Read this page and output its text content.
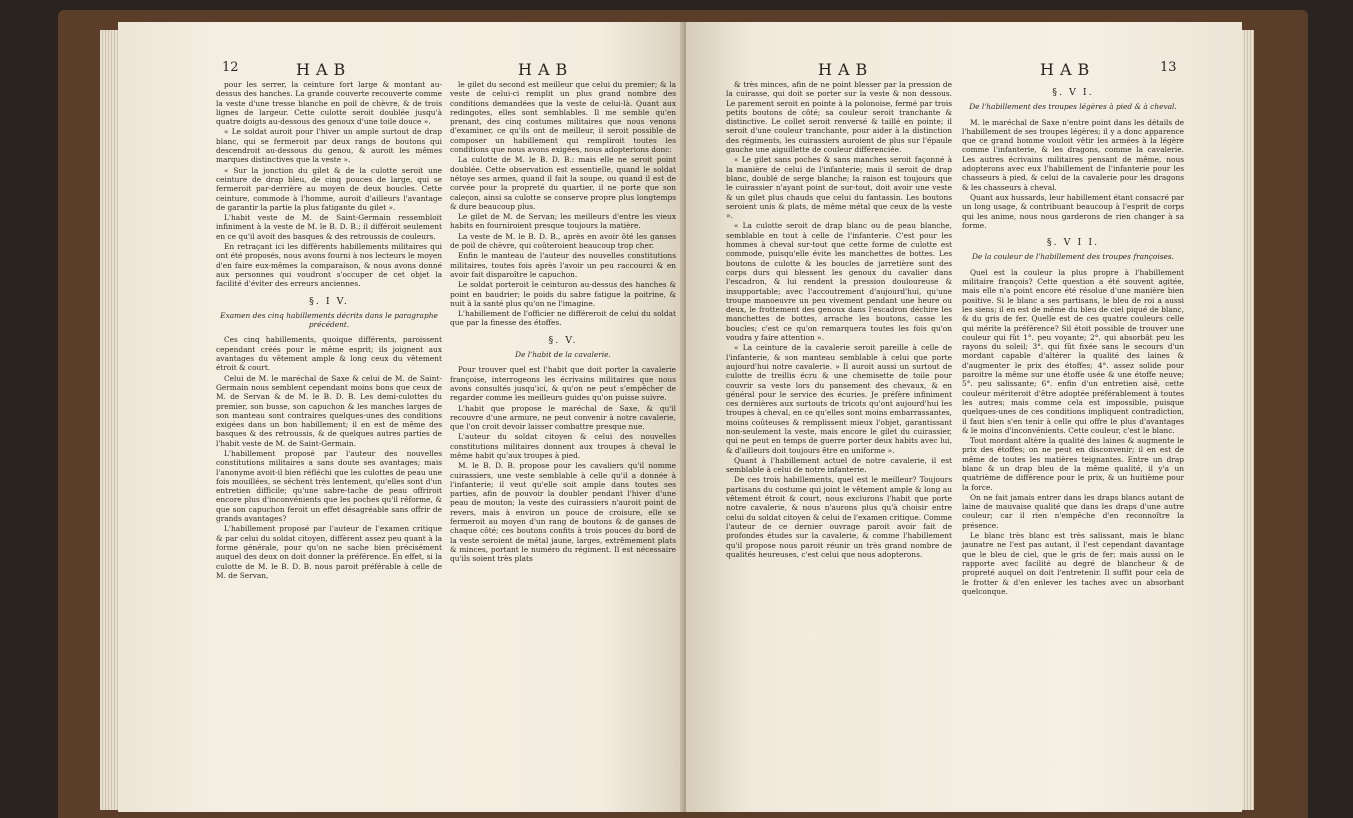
12	HAB	HAB

pour les serrer, la ceinture fort large & montant au-dessus des hanches. La grande couverte recouverte comme la veste d'une tresse blanche en poil de chèvre, & de trois lignes de largeur. Cette culotte seroit doublée jusqu'à quatre doigts au-dessous des genoux d'une toile douce ».

« Le soldat auroit pour l'hiver un ample surtout de drap blanc, qui se fermeroit par deux rangs de boutons qui descendroit au-dessous du genou, & auroit les mêmes marques distinctives que la veste ».

« Sur la jonction du gilet & de la culotte seroit une ceinture de drap bleu, de cinq pouces de large, qui se fermeroit par-derrière au moyen de deux boucles. Cette ceinture, commode à l'homme, auroit d'ailleurs l'avantage de garantir la partie la plus fatigante du gilet ».

L'habit veste de M. de Saint-Germain ressembloit infiniment à la veste de M. le B. D. B.; il différoit seulement en ce qu'il avoit des basques & des retroussis de couleurs.

En retraçant ici les différents habillements militaires qui ont été proposés, nous avons fourni à nos lecteurs le moyen d'en faire eux-mêmes la comparaison, & nous avons donné aux personnes qui voudront s'occuper de cet objet la facilité d'éviter des erreurs anciennes.

§. I V.

Examen des cinq habillements décrits dans le paragraphe précédent.

Ces cinq habillements, quoique différents, paroissent cependant créés pour le même esprit; ils joignent aux avantages du vêtement ample & long ceux du vêtement étroit & court.

Celui de M. le maréchal de Saxe & celui de M. de Saint-Germain nous semblent cependant moins bons que ceux de M. de Servan & de M. le B. D. B. Les demi-culottes du premier, son busse, son capuchon & les manches larges de son manteau sont contraires quelques-unes des conditions exigées dans un bon habillement; il en est de même des basques & des retroussis, & de quelques autres parties de l'habit veste de M. de Saint-Germain.

L'habillement proposé par l'auteur des nouvelles constitutions militaires a sans doute ses avantages; mais l'anonyme avoit-il bien réfléchi que les culottes de peau une fois mouillées, se séchent très lentement, qu'elles sont d'un entretien difficile; qu'une sabre-tache de peau offriroit encore plus d'inconvénients que les poches qu'il réforme, & que son capuchon feroit un effet désagréable sans offrir de grands avantages?

L'habillement proposé par l'auteur de l'examen critique & par celui du soldat citoyen, diffèrent assez peu quant à la forme générale, pour qu'on ne sache bien précisément auquel des deux on doit donner la préférence. En effet, si la culotte de M. le B. D. B. nous paroit préférable à celle de M. de Servan,

le gilet du second est meilleur que celui du premier; & la veste de celui-ci remplit un plus grand nombre des conditions demandées que la veste de celui-là. Quant aux redingotes, elles sont semblables. Il me semble qu'en prenant, des cinq costumes militaires que nous venons d'examiner, ce qu'ils ont de meilleur, il seroit possible de composer un habillement qui rempliroit toutes les conditions que nous avons exigées, nous adopterions donc:

La culotte de M. le B. D. B.: mais elle ne seroit point doublée. Cette observation est essentielle, quand le soldat nétoye ses armes, quand il fait la soupe, ou quand il est de corvée pour la propreté du quartier, il ne porte que son caleçon, ainsi sa culotte se conserve propre plus longtemps & dure beaucoup plus.

Le gilet de M. de Servan; les meilleurs d'entre les vieux habits en fourniroient presque toujours la matière.

La veste de M. le B. D. B., après en avoir ôté les ganses de poil de chèvre, qui coûteroient beaucoup trop cher.

Enfin le manteau de l'auteur des nouvelles constitutions militaires, toutes fois après l'avoir un peu raccourci & en avoir fait disparoître le capuchon.

Le soldat porteroit le ceinturon au-dessus des hanches & point en baudrier; le poids du sabre fatigue la poitrine, & nuit à la santé plus qu'on ne l'imagine.

L'habillement de l'officier ne différeroit de celui du soldat que par la finesse des étoffes.

§. V.

De l'habit de la cavalerie.

Pour trouver quel est l'habit que doit porter la cavalerie françoise, interrogeons les écrivains militaires que nous avons consultés jusqu'ici, & qu'on ne peut s'empêcher de regarder comme les meilleurs guides qu'on puisse suivre.

L'habit que propose le maréchal de Saxe, & qu'il recouvre d'une armure, ne peut convenir à notre cavalerie, que l'on croit devoir laisser combattre presque nue.

L'auteur du soldat citoyen & celui des nouvelles constitutions militaires donnent aux troupes à cheval le même habit qu'aux troupes à pied.

M. le B. D. B. propose pour les cavaliers qu'il nomme cuirassiers, une veste semblable à celle qu'il a donnée à l'infanterie; il veut qu'elle soit ample dans toutes ses parties, afin de pouvoir la doubler pendant l'hiver d'une peau de mouton; la veste des cuirassiers n'auroit point de revers, mais à environ un pouce de croisure, elle se fermeroit au moyen d'un rang de boutons & de ganses de chaque côté; ces boutons confits à trois pouces du bord de la veste seroient de métal jaune, larges, extrêmement plats & minces, portant le numéro du régiment. Il est nécessaire qu'ils soient très plats

HAB	HAB	13

& très minces, afin de ne point blesser par la pression de la cuirasse, qui doit se porter sur la veste & non dessous. Le parement seroit en pointe à la polonoise, fermé par trois petits boutons de côté; sa couleur seroit tranchante & distinctive. Le collet seroit renversé & taillé en pointe; il seroit d'une couleur tranchante, pour aider à la distinction des régiments, les cuirassiers auroient de plus sur l'épaule gauche une aiguillette de couleur différenciée.

« Le gilet sans poches & sans manches seroit façonné à la manière de celui de l'infanterie; mais il seroit de drap blanc, doublé de serge blanche; la raison est toujours que le cuirassier n'ayant point de sur-tout, doit avoir une veste & un gilet plus chauds que celui du fantassin. Les boutons seroient unis & plats, de même métal que ceux de la veste ».

« La culotte seroit de drap blanc ou de peau blanche, semblable en tout à celle de l'infanterie. C'est pour les hommes à cheval sur-tout que cette forme de culotte est commode, puisqu'elle évite les manchettes de bottes. Les boutons de culotte & les boucles de jarretière sont des corps durs qui blessent les genoux du cavalier dans l'escadron, & lui rendent la pression douloureuse & insupportable; avec l'accoutrement d'aujourd'hui, qu'une troupe manoeuvre un peu vivement pendant une heure ou deux, le frottement des genoux dans l'escadron déchire les manchettes de bottes, arrache les boutons, casse les boucles; c'est ce qu'on remarquera toutes les fois qu'on voudra y faire attention ».

« La ceinture de la cavalerie seroit pareille à celle de l'infanterie, & son manteau semblable à celui que porte aujourd'hui notre cavalerie. » Il auroit aussi un surtout de culotte de treillis écru & une chemisette de toile pour couvrir sa veste lors du pansement des chevaux, & en général pour le service des écuries. Je préfère infiniment ces dernières aux surtouts de tricots qu'ont aujourd'hui les troupes à cheval, en ce qu'elles sont moins embarrassantes, moins coûteuses & remplissent mieux l'objet, garantissant non-seulement la veste, mais encore le gilet du cuirassier, qui ne peut en temps de guerre porter deux habits avec lui, & d'ailleurs doit toujours être en uniforme ».

Quant à l'habillement actuel de notre cavalerie, il est semblable à celui de notre infanterie.

De ces trois habillements, quel est le meilleur? Toujours partisans du costume qui joint le vêtement ample & long au vêtement étroit & court, nous exclurons l'habit que porte notre cavalerie, & nous n'aurons plus qu'à choisir entre celui du soldat citoyen & celui de l'examen critique. Comme l'auteur de ce dernier ouvrage paroit avoir fait de profondes études sur la cavalerie, & comme l'habillement qu'il propose nous paroit réunir un très grand nombre de qualités heureuses, c'est celui que nous adopterons.

§. V I.

De l'habillement des troupes légères à pied & à cheval.

M. le maréchal de Saxe n'entre point dans les détails de l'habillement de ses troupes légères; il y a donc apparence que ce grand homme vouloit vêtir les armées à la légère comme l'infanterie, & les dragons, comme la cavalerie. Les autres écrivains militaires pensant de même, nous adopterons avec eux l'habillement de l'infanterie pour les chasseurs à pied, & celui de la cavalerie pour les dragons & les chasseurs à cheval.

Quant aux hussards, leur habillement étant consacré par un long usage, & contribuant beaucoup à l'esprit de corps qui les anime, nous nous garderons de rien changer à sa forme.

§. V I I.

De la couleur de l'habillement des troupes françoises.

Quel est la couleur la plus propre à l'habillement militaire françois? Cette question a été souvent agitée, mais elle n'a point encore été résolue d'une manière bien positive. Si le blanc a ses partisans, le bleu de roi a aussi les siens; il en est de même du bleu de ciel piqué de blanc, & du gris de fer. Quelle est de ces quatre couleurs celle qui mérite la préférence? Sil étoit possible de trouver une couleur qui fût 1°. peu voyante; 2°. qui absorbât peu les rayons du soleil; 3°. qui fût fixée sans le secours d'un mordant capable d'altérer la qualité des laines & d'augmenter le prix des étoffes; 4°. assez solide pour paroitre la même sur une étoffe usée & une étoffe neuve; 5°. peu salissante; 6°. enfin d'un entretien aisé, cette couleur mériteroit d'être adoptée préférablement à toutes les autres; mais comme cela est impossible, puisque quelques-unes de ces conditions impliquent contradiction, il faut bien s'en tenir à celle qui offre le plus d'avantages & le moins d'inconvénients. Cette couleur, c'est le blanc.

Tout mordant altère la qualité des laines & augmente le prix des étoffes; on ne peut en disconvenir; il en est de même de toutes les matières teignantes. Entre un drap blanc & un drap bleu de la même qualité, il y'a un quatrième de différence pour le prix, & un huitième pour la force.

On ne fait jamais entrer dans les draps blancs autant de laine de mauvaise qualité que dans les draps d'une autre couleur; car il rien n'empêche d'en reconnoître la présence.

Le blanc très blanc est très salissant, mais le blanc jaunatre ne l'est pas autant, il l'est cependant davantage que le bleu de ciel, que le gris de fer; mais aussi on le rapporte avec facilité au degré de blancheur & de propreté auquel on doit l'entretenir. Il suffit pour cela de le frotter & d'en enlever les taches avec un absorbant quelconque.
